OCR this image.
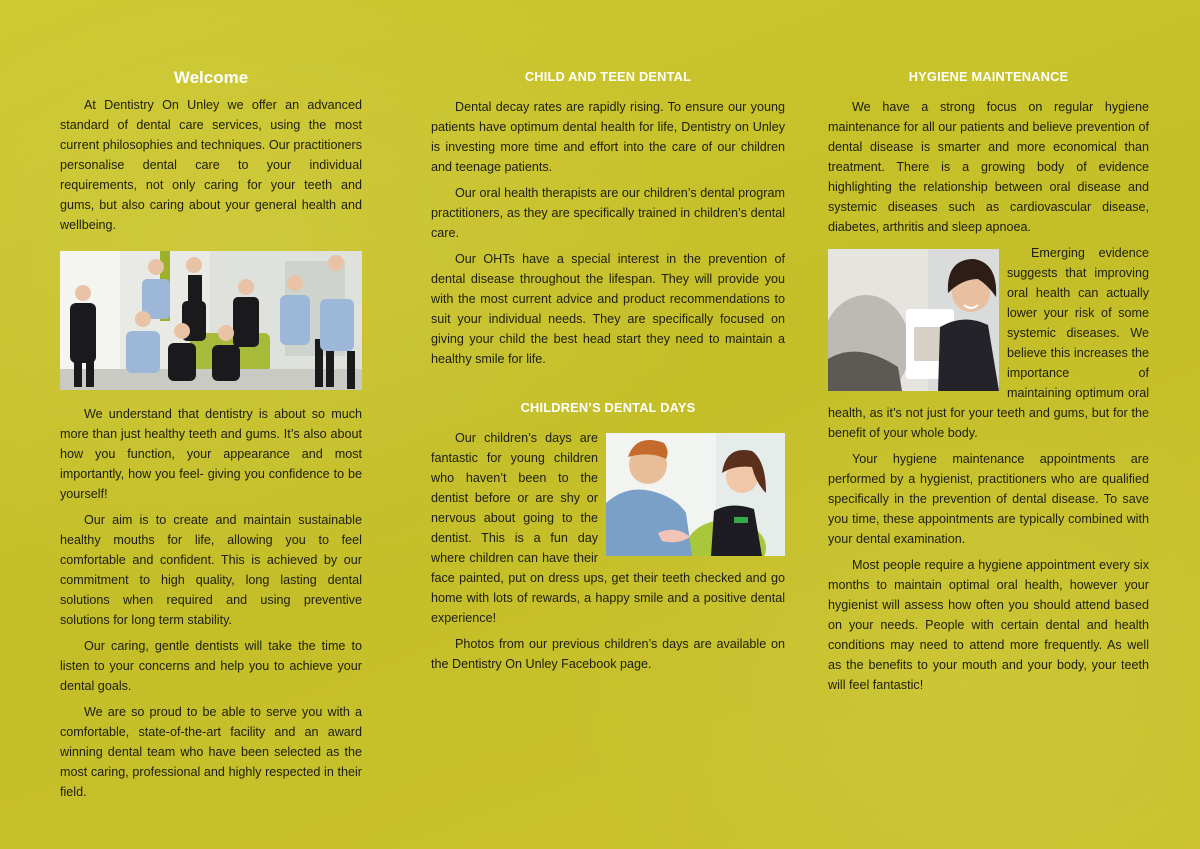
Welcome

At Dentistry On Unley we offer an advanced standard of dental care services, using the most current philosophies and techniques. Our practitioners personalise dental care to your individual requirements, not only caring for your teeth and gums, but also caring about your general health and wellbeing.

We understand that dentistry is about so much more than just healthy teeth and gums. It’s also about how you function, your appearance and most importantly, how you feel- giving you confidence to be yourself!

Our aim is to create and maintain sustainable healthy mouths for life, allowing you to feel comfortable and confident. This is achieved by our commitment to high quality, long lasting dental solutions when required and using preventive solutions for long term stability.

Our caring, gentle dentists will take the time to listen to your concerns and help you to achieve your dental goals.

We are so proud to be able to serve you with a comfortable, state-of-the-art facility and an award winning dental team who have been selected as the most caring, professional and highly respected in their field.

CHILD AND TEEN DENTAL

Dental decay rates are rapidly rising. To ensure our young patients have optimum dental health for life, Dentistry on Unley is investing more time and effort into the care of our children and teenage patients.

Our oral health therapists are our children’s dental program practitioners, as they are specifically trained in children’s dental care.

Our OHTs have a special interest in the prevention of dental disease throughout the lifespan. They will provide you with the most current advice and product recommendations to suit your individual needs. They are specifically focused on giving your child the best head start they need to maintain a healthy smile for life.

CHILDREN’S DENTAL DAYS

Our children’s days are fantastic for young children who haven’t been to the dentist before or are shy or nervous about going to the dentist. This is a fun day where children can have their face painted, put on dress ups, get their teeth checked and go home with lots of rewards, a happy smile and a positive dental experience!

Photos from our previous children’s days are available on the Dentistry On Unley Facebook page.

HYGIENE MAINTENANCE

We have a strong focus on regular hygiene maintenance for all our patients and believe prevention of dental disease is smarter and more economical than treatment. There is a growing body of evidence highlighting the relationship between oral disease and systemic diseases such as cardiovascular disease, diabetes, arthritis and sleep apnoea.

Emerging evidence suggests that improving oral health can actually lower your risk of some systemic diseases. We believe this increases the importance of maintaining optimum oral health, as it’s not just for your teeth and gums, but for the benefit of your whole body.

Your hygiene maintenance appointments are performed by a hygienist, practitioners who are qualified specifically in the prevention of dental disease. To save you time, these appointments are typically combined with your dental examination.

Most people require a hygiene appointment every six months to maintain optimal oral health, however your hygienist will assess how often you should attend based on your needs. People with certain dental and health conditions may need to attend more frequently. As well as the benefits to your mouth and your body, your teeth will feel fantastic!
